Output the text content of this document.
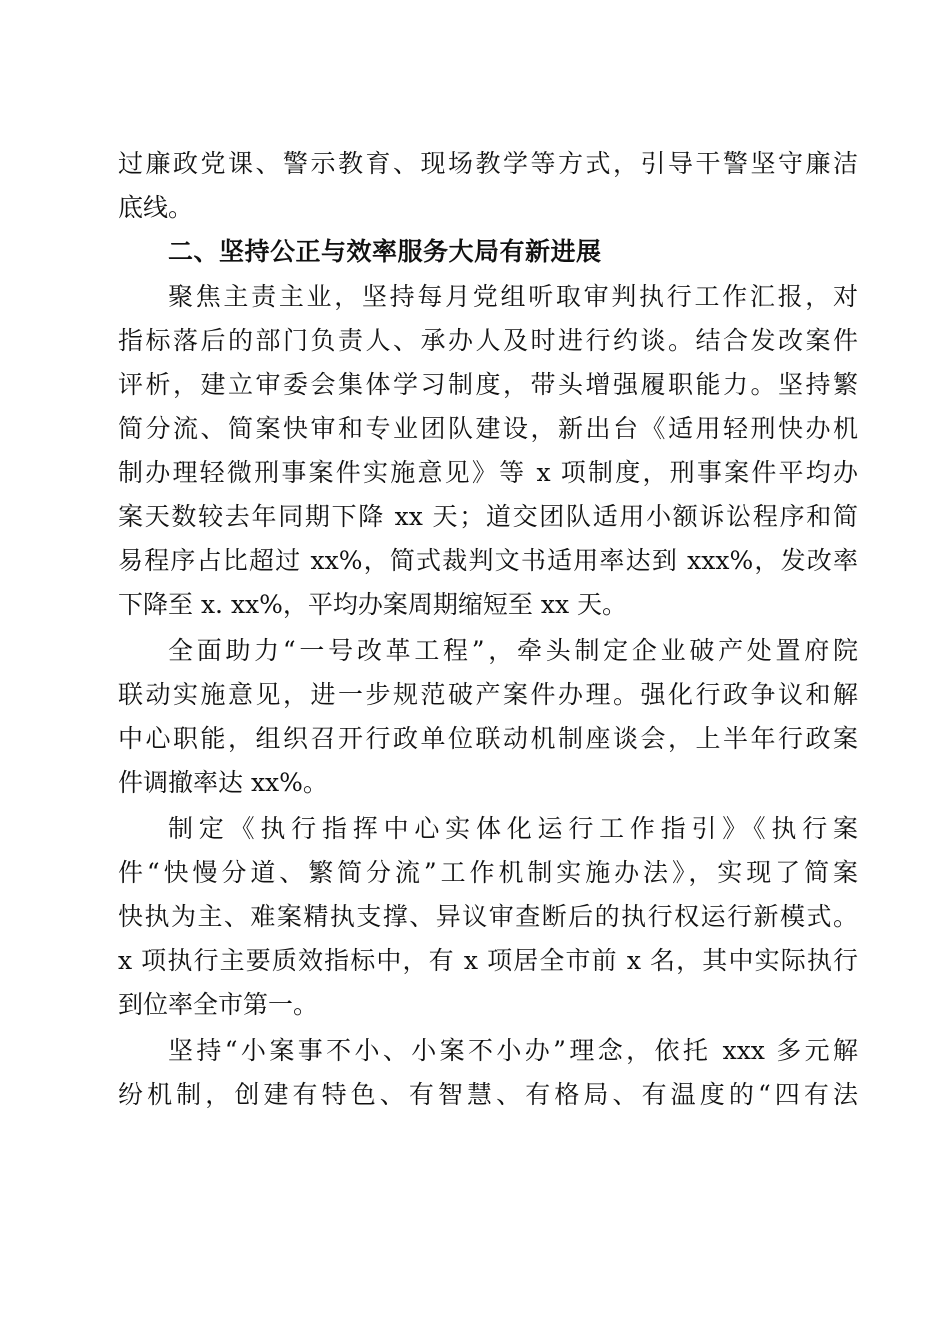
过廉政党课、警示教育、现场教学等方式，引导干警坚守廉洁
底线。
二、坚持公正与效率服务大局有新进展
聚焦主责主业，坚持每月党组听取审判执行工作汇报，对
指标落后的部门负责人、承办人及时进行约谈。结合发改案件
评析，建立审委会集体学习制度，带头增强履职能力。坚持繁
简分流、简案快审和专业团队建设，新出台《适用轻刑快办机
制办理轻微刑事案件实施意见》等 x 项制度，刑事案件平均办
案天数较去年同期下降 xx 天；道交团队适用小额诉讼程序和简
易程序占比超过 xx%，简式裁判文书适用率达到 xxx%，发改率
下降至 x. xx%，平均办案周期缩短至 xx 天。
全面助力“一号改革工程”，牵头制定企业破产处置府院
联动实施意见，进一步规范破产案件办理。强化行政争议和解
中心职能，组织召开行政单位联动机制座谈会，上半年行政案
件调撤率达 xx%。
制定《执行指挥中心实体化运行工作指引》《执行案
件“快慢分道、繁简分流”工作机制实施办法》，实现了简案
快执为主、难案精执支撑、异议审查断后的执行权运行新模式。
x 项执行主要质效指标中，有 x 项居全市前 x 名，其中实际执行
到位率全市第一。
坚持“小案事不小、小案不小办”理念，依托 xxx 多元解
纷机制，创建有特色、有智慧、有格局、有温度的“四有法
